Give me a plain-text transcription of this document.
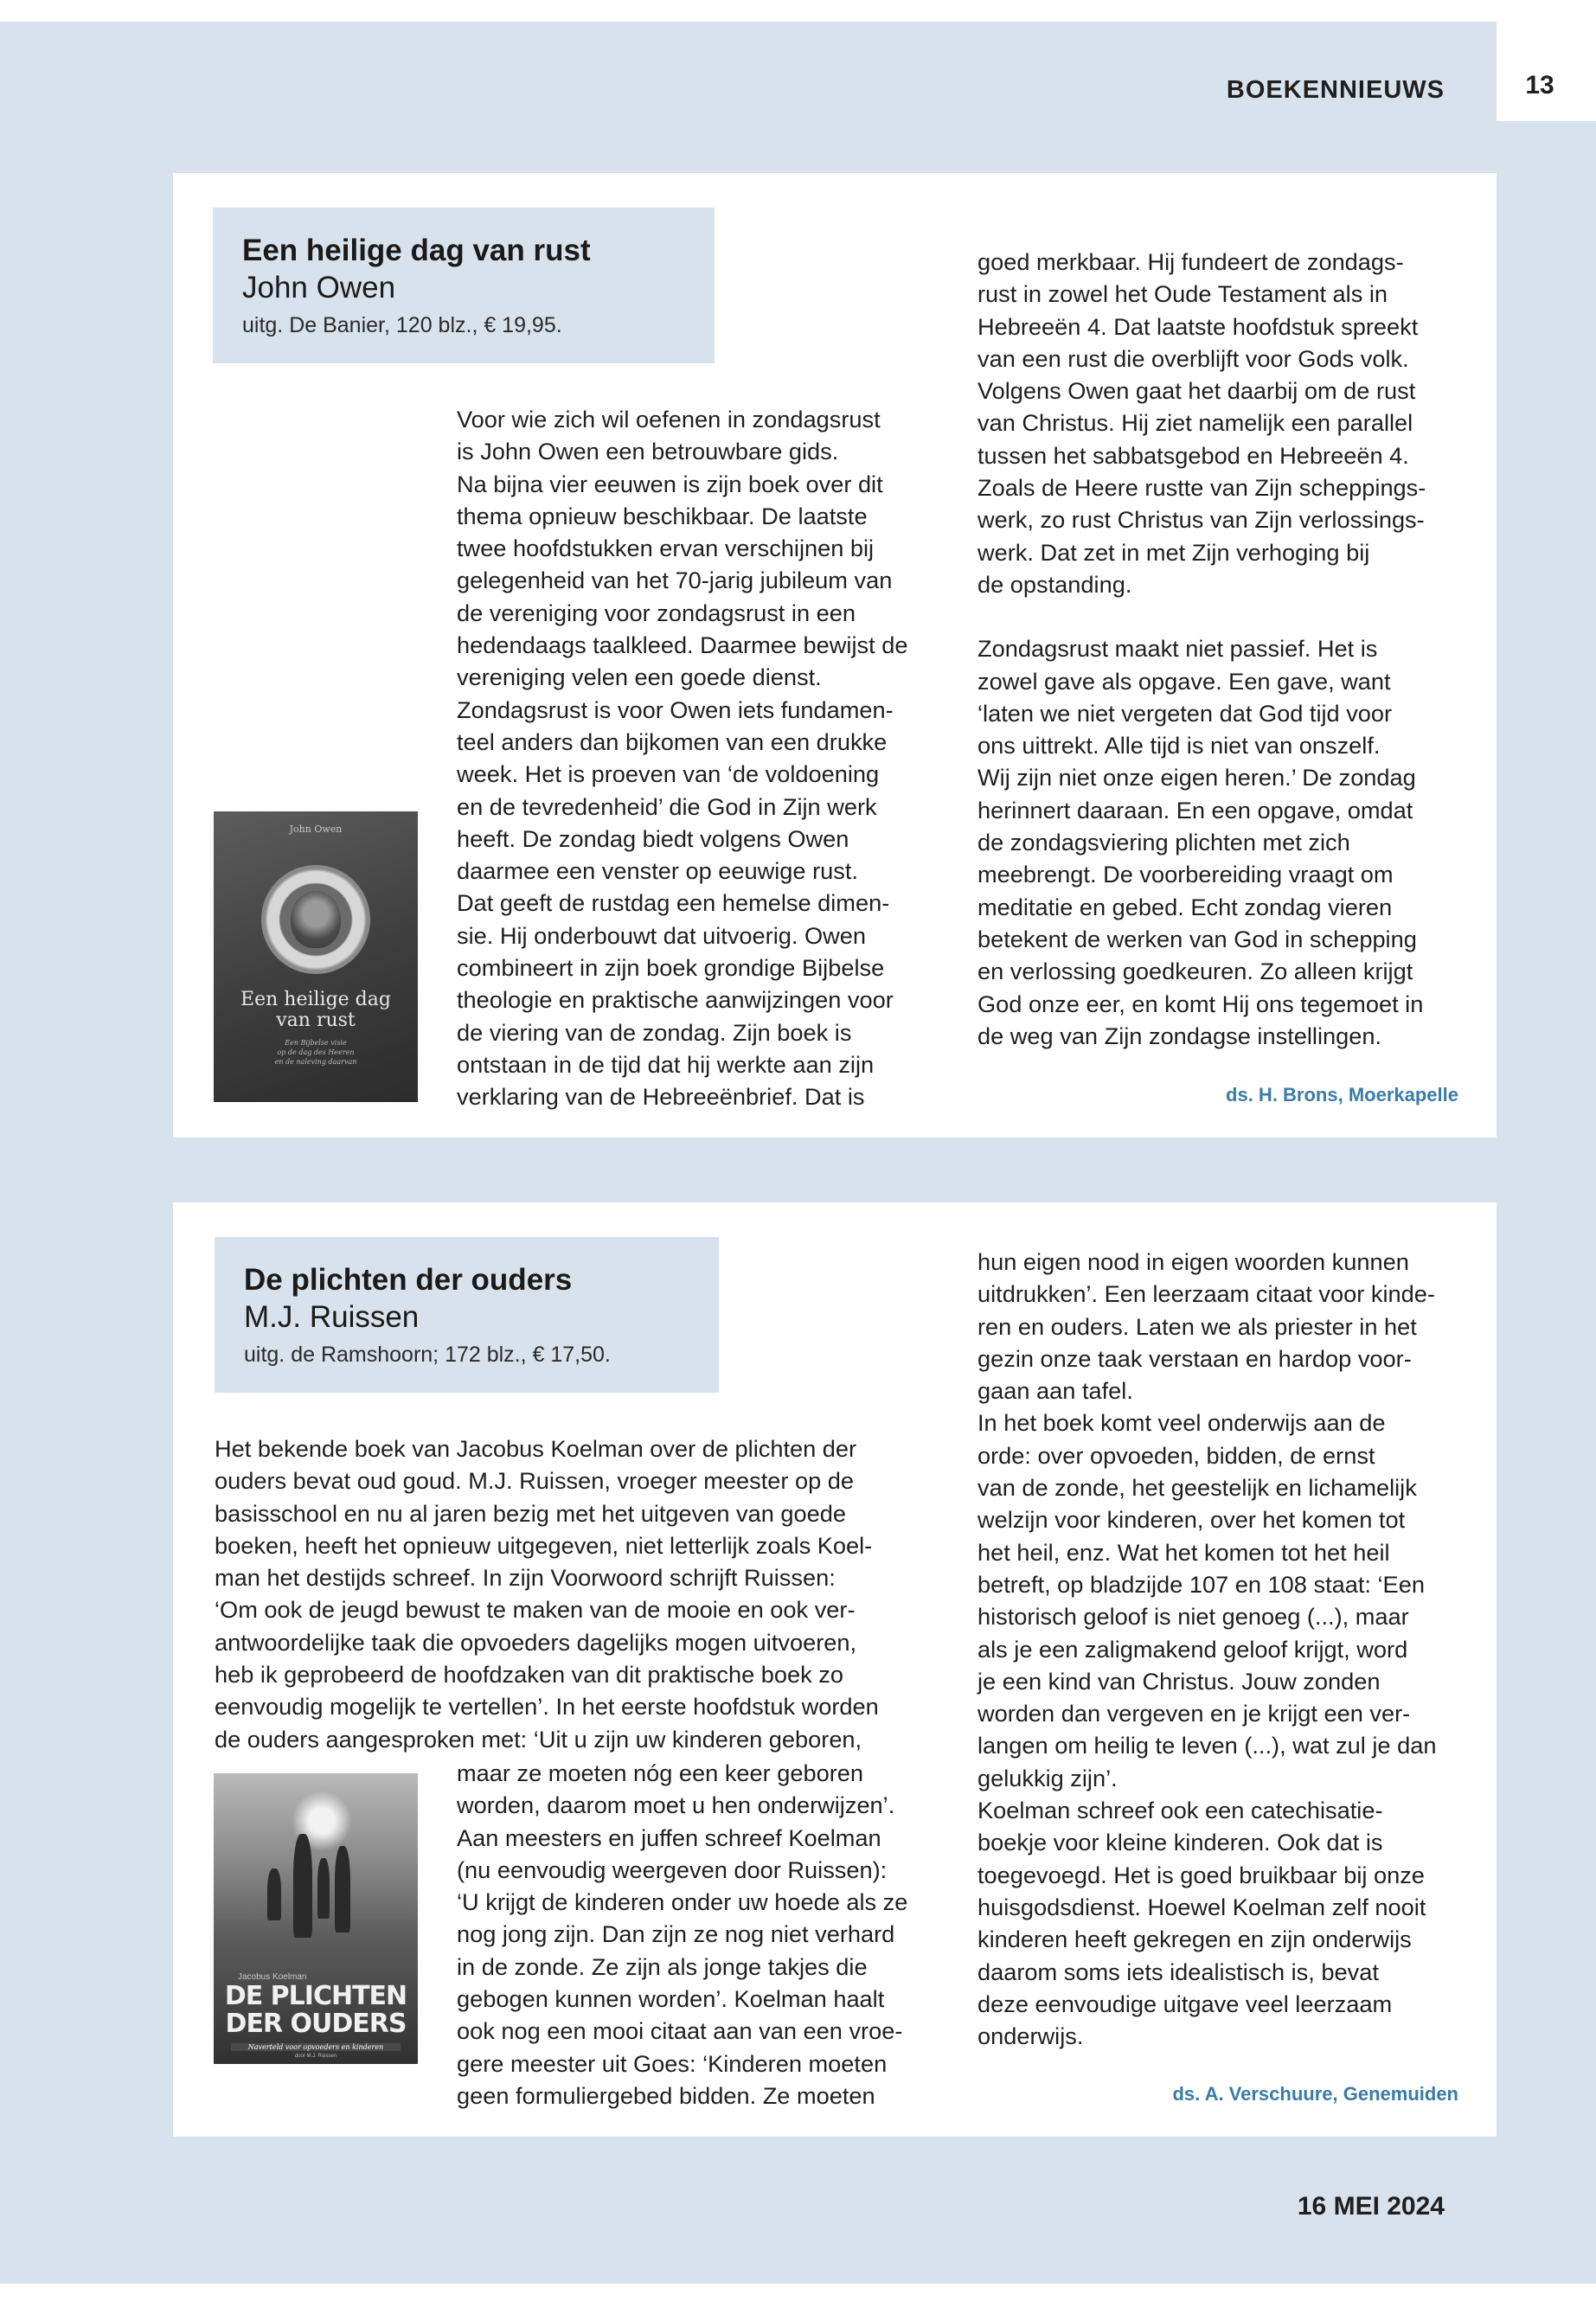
13
BOEKENNIEUWS
Een heilige dag van rust
John Owen
uitg. De Banier, 120 blz., € 19,95.
John Owen
Een heilige dag
van rust
Een Bijbelse visie
op de dag des Heeren
en de naleving daarvan

Voor wie zich wil oefenen in zondagsrust
is John Owen een betrouwbare gids.
Na bijna vier eeuwen is zijn boek over dit
thema opnieuw beschikbaar. De laatste
twee hoofdstukken ervan verschijnen bij
gelegenheid van het 70-jarig jubileum van
de vereniging voor zondagsrust in een
hedendaags taalkleed. Daarmee bewijst de
vereniging velen een goede dienst.
Zondagsrust is voor Owen iets fundamen-
teel anders dan bijkomen van een drukke
week. Het is proeven van ‘de voldoening
en de tevredenheid’ die God in Zijn werk
heeft. De zondag biedt volgens Owen
daarmee een venster op eeuwige rust.
Dat geeft de rustdag een hemelse dimen-
sie. Hij onderbouwt dat uitvoerig. Owen
combineert in zijn boek grondige Bijbelse
theologie en praktische aanwijzingen voor
de viering van de zondag. Zijn boek is
ontstaan in de tijd dat hij werkte aan zijn
verklaring van de Hebreeënbrief. Dat is

goed merkbaar. Hij fundeert de zondags-
rust in zowel het Oude Testament als in
Hebreeën 4. Dat laatste hoofdstuk spreekt
van een rust die overblijft voor Gods volk.
Volgens Owen gaat het daarbij om de rust
van Christus. Hij ziet namelijk een parallel
tussen het sabbatsgebod en Hebreeën 4.
Zoals de Heere rustte van Zijn scheppings-
werk, zo rust Christus van Zijn verlossings-
werk. Dat zet in met Zijn verhoging bij
de opstanding.

Zondagsrust maakt niet passief. Het is
zowel gave als opgave. Een gave, want
‘laten we niet vergeten dat God tijd voor
ons uittrekt. Alle tijd is niet van onszelf.
Wij zijn niet onze eigen heren.’ De zondag
herinnert daaraan. En een opgave, omdat
de zondagsviering plichten met zich
meebrengt. De voorbereiding vraagt om
meditatie en gebed. Echt zondag vieren
betekent de werken van God in schepping
en verlossing goedkeuren. Zo alleen krijgt
God onze eer, en komt Hij ons tegemoet in
de weg van Zijn zondagse instellingen.

ds. H. Brons, Moerkapelle
De plichten der ouders
M.J. Ruissen
uitg. de Ramshoorn; 172 blz., € 17,50.

Het bekende boek van Jacobus Koelman over de plichten der
ouders bevat oud goud. M.J. Ruissen, vroeger meester op de
basisschool en nu al jaren bezig met het uitgeven van goede
boeken, heeft het opnieuw uitgegeven, niet letterlijk zoals Koel-
man het destijds schreef. In zijn Voorwoord schrijft Ruissen:
‘Om ook de jeugd bewust te maken van de mooie en ook ver-
antwoordelijke taak die opvoeders dagelijks mogen uitvoeren,
heb ik geprobeerd de hoofdzaken van dit praktische boek zo
eenvoudig mogelijk te vertellen’. In het eerste hoofdstuk worden
de ouders aangesproken met: ‘Uit u zijn uw kinderen geboren,

Jacobus Koelman
DE PLICHTEN
DER OUDERS
Naverteld voor opvoeders en kinderen
door M.J. Ruissen

maar ze moeten nóg een keer geboren
worden, daarom moet u hen onderwijzen’.
Aan meesters en juffen schreef Koelman
(nu eenvoudig weergeven door Ruissen):
‘U krijgt de kinderen onder uw hoede als ze
nog jong zijn. Dan zijn ze nog niet verhard
in de zonde. Ze zijn als jonge takjes die
gebogen kunnen worden’. Koelman haalt
ook nog een mooi citaat aan van een vroe-
gere meester uit Goes: ‘Kinderen moeten
geen formuliergebed bidden. Ze moeten

hun eigen nood in eigen woorden kunnen
uitdrukken’. Een leerzaam citaat voor kinde-
ren en ouders. Laten we als priester in het
gezin onze taak verstaan en hardop voor-
gaan aan tafel.
In het boek komt veel onderwijs aan de
orde: over opvoeden, bidden, de ernst
van de zonde, het geestelijk en lichamelijk
welzijn voor kinderen, over het komen tot
het heil, enz. Wat het komen tot het heil
betreft, op bladzijde 107 en 108 staat: ‘Een
historisch geloof is niet genoeg (...), maar
als je een zaligmakend geloof krijgt, word
je een kind van Christus. Jouw zonden
worden dan vergeven en je krijgt een ver-
langen om heilig te leven (...), wat zul je dan
gelukkig zijn’.
Koelman schreef ook een catechisatie-
boekje voor kleine kinderen. Ook dat is
toegevoegd. Het is goed bruikbaar bij onze
huisgodsdienst. Hoewel Koelman zelf nooit
kinderen heeft gekregen en zijn onderwijs
daarom soms iets idealistisch is, bevat
deze eenvoudige uitgave veel leerzaam
onderwijs.

ds. A. Verschuure, Genemuiden
16 MEI 2024
